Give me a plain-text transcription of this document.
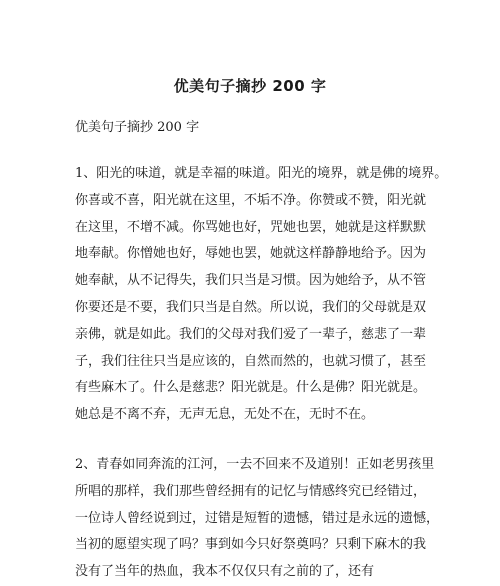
优美句子摘抄 200 字
优美句子摘抄 200 字
1、阳光的味道，就是幸福的味道。阳光的境界，就是佛的境界。
你喜或不喜，阳光就在这里，不垢不净。你赞或不赞，阳光就
在这里，不增不减。你骂她也好，咒她也罢，她就是这样默默
地奉献。你憎她也好，辱她也罢，她就这样静静地给予。因为
她奉献，从不记得失，我们只当是习惯。因为她给予，从不管
你要还是不要，我们只当是自然。所以说，我们的父母就是双
亲佛，就是如此。我们的父母对我们爱了一辈子，慈悲了一辈
子，我们往往只当是应该的，自然而然的，也就习惯了，甚至
有些麻木了。什么是慈悲？阳光就是。什么是佛？阳光就是。
她总是不离不弃，无声无息，无处不在，无时不在。
2、青春如同奔流的江河，一去不回来不及道别！正如老男孩里
所唱的那样，我们那些曾经拥有的记忆与情感终究已经错过，
一位诗人曾经说到过，过错是短暂的遗憾，错过是永远的遗憾，
当初的愿望实现了吗？事到如今只好祭奠吗？只剩下麻木的我
没有了当年的热血，我本不仅仅只有之前的了，还有
